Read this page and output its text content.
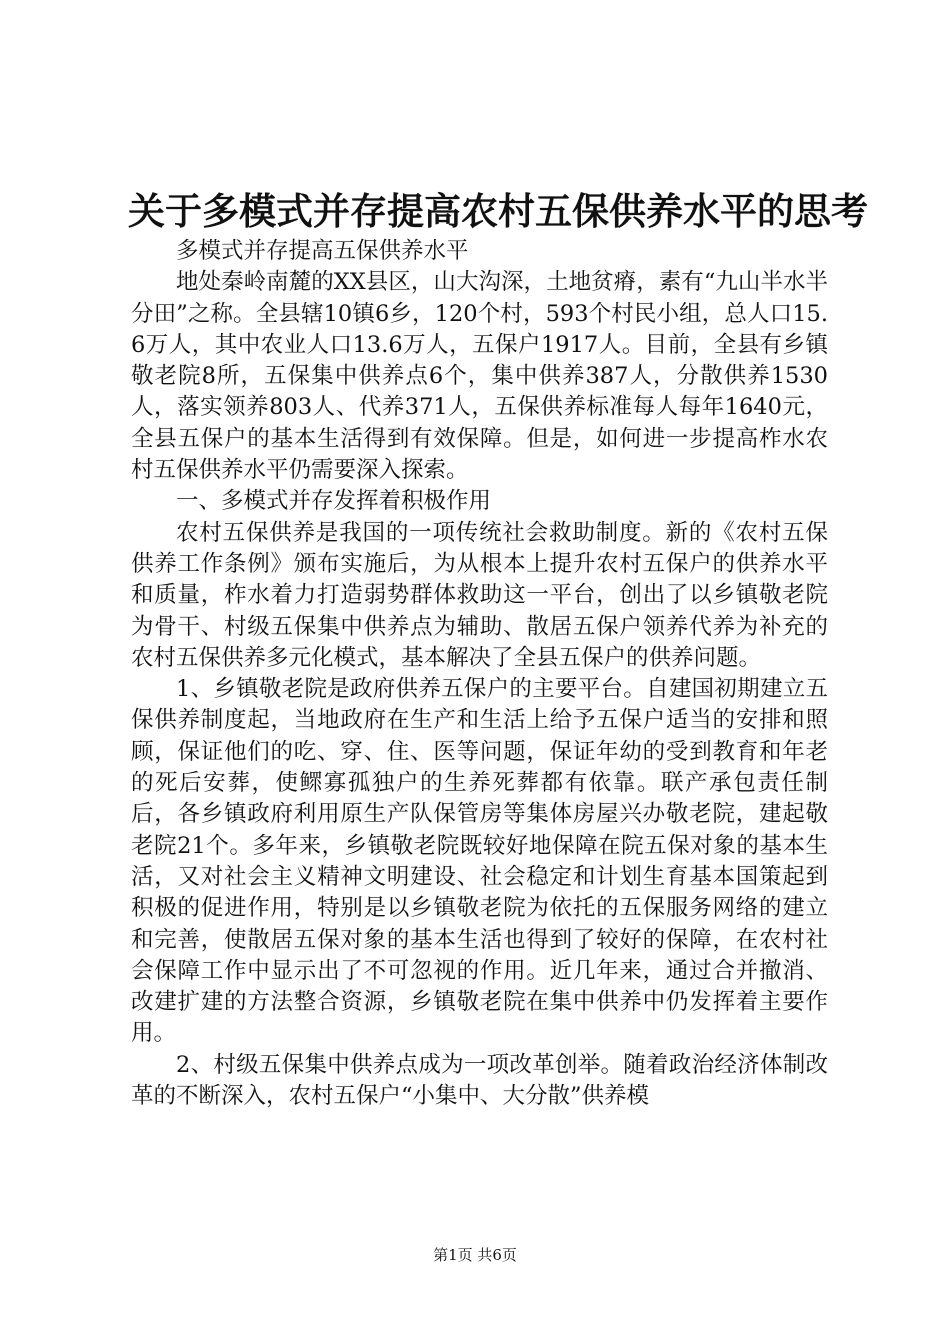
关于多模式并存提高农村五保供养水平的思考

多模式并存提高五保供养水平

地处秦岭南麓的XX县区，山大沟深，土地贫瘠，素有“九山半水半分田”之称。全县辖10镇6乡，120个村，593个村民小组，总人口15.6万人，其中农业人口13.6万人，五保户1917人。目前，全县有乡镇敬老院8所，五保集中供养点6个，集中供养387人，分散供养1530人，落实领养803人、代养371人，五保供养标准每人每年1640元，全县五保户的基本生活得到有效保障。但是，如何进一步提高柞水农村五保供养水平仍需要深入探索。

一、多模式并存发挥着积极作用

农村五保供养是我国的一项传统社会救助制度。新的《农村五保供养工作条例》颁布实施后，为从根本上提升农村五保户的供养水平和质量，柞水着力打造弱势群体救助这一平台，创出了以乡镇敬老院为骨干、村级五保集中供养点为辅助、散居五保户领养代养为补充的农村五保供养多元化模式，基本解决了全县五保户的供养问题。

1、乡镇敬老院是政府供养五保户的主要平台。自建国初期建立五保供养制度起，当地政府在生产和生活上给予五保户适当的安排和照顾，保证他们的吃、穿、住、医等问题，保证年幼的受到教育和年老的死后安葬，使鳏寡孤独户的生养死葬都有依靠。联产承包责任制后，各乡镇政府利用原生产队保管房等集体房屋兴办敬老院，建起敬老院21个。多年来，乡镇敬老院既较好地保障在院五保对象的基本生活，又对社会主义精神文明建设、社会稳定和计划生育基本国策起到积极的促进作用，特别是以乡镇敬老院为依托的五保服务网络的建立和完善，使散居五保对象的基本生活也得到了较好的保障，在农村社会保障工作中显示出了不可忽视的作用。近几年来，通过合并撤消、改建扩建的方法整合资源，乡镇敬老院在集中供养中仍发挥着主要作用。

2、村级五保集中供养点成为一项改革创举。随着政治经济体制改革的不断深入，农村五保户“小集中、大分散”供养模

第1页 共6页
